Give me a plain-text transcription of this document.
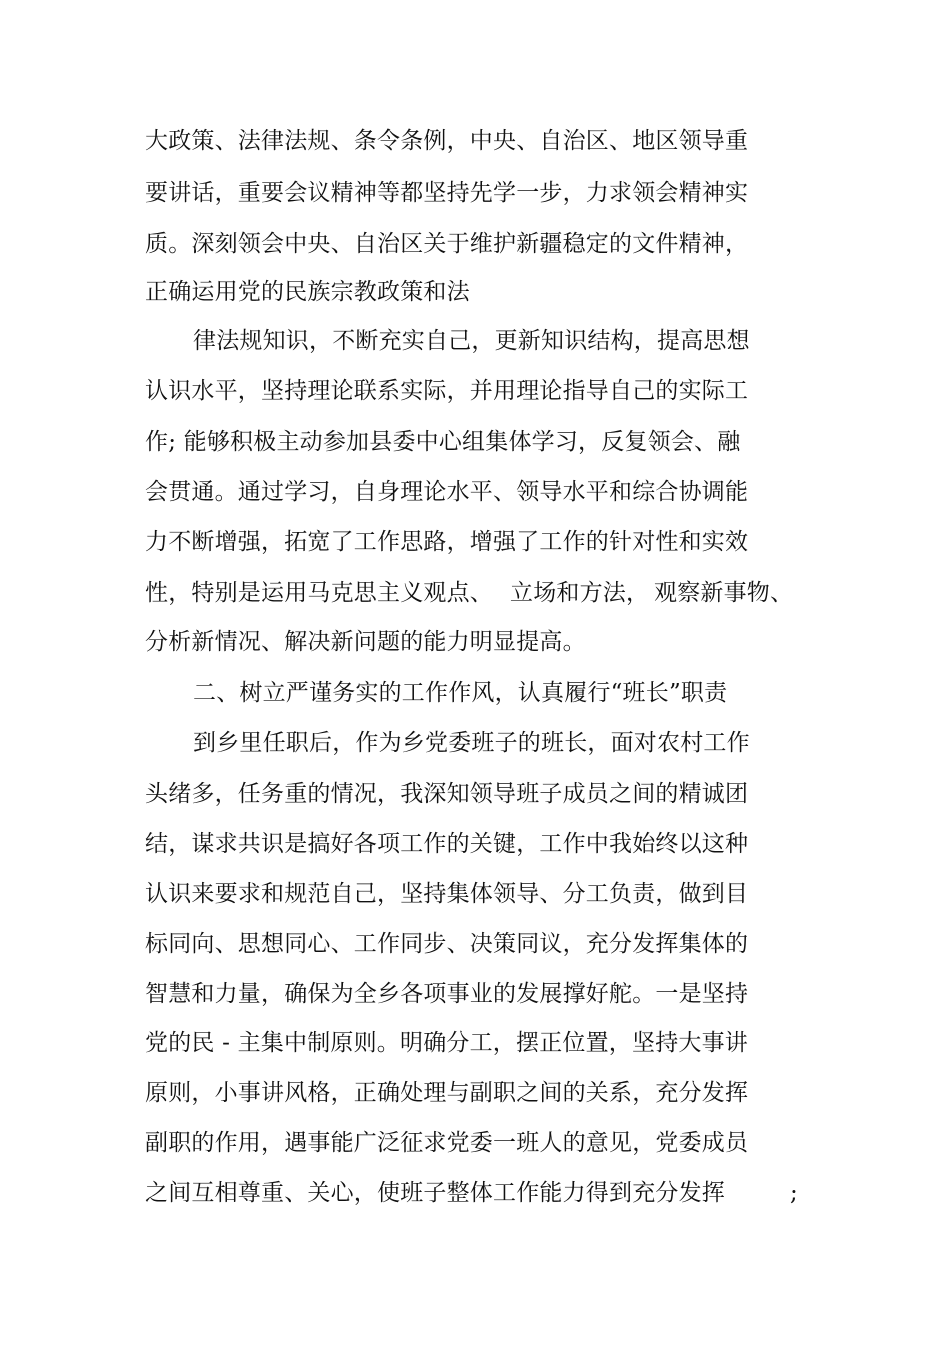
大政策、法律法规、条令条例，中央、自治区、地区领导重
要讲话，重要会议精神等都坚持先学一步，力求领会精神实
质。深刻领会中央、自治区关于维护新疆稳定的文件精神，
正确运用党的民族宗教政策和法
律法规知识，不断充实自己，更新知识结构，提高思想
认识水平，坚持理论联系实际，并用理论指导自己的实际工
作; 能够积极主动参加县委中心组集体学习，反复领会、融
会贯通。通过学习，自身理论水平、领导水平和综合协调能
力不断增强，拓宽了工作思路，增强了工作的针对性和实效
性，特别是运用马克思主义观点、 立场和方法， 观察新事物、
分析新情况、解决新问题的能力明显提高。
二、树立严谨务实的工作作风，认真履行“班长”职责
到乡里任职后，作为乡党委班子的班长，面对农村工作
头绪多，任务重的情况，我深知领导班子成员之间的精诚团
结，谋求共识是搞好各项工作的关键，工作中我始终以这种
认识来要求和规范自己，坚持集体领导、分工负责，做到目
标同向、思想同心、工作同步、决策同议，充分发挥集体的
智慧和力量，确保为全乡各项事业的发展撑好舵。一是坚持
党的民 - 主集中制原则。明确分工，摆正位置，坚持大事讲
原则，小事讲风格，正确处理与副职之间的关系，充分发挥
副职的作用，遇事能广泛征求党委一班人的意见，党委成员
之间互相尊重、关心，使班子整体工作能力得到充分发挥	;
